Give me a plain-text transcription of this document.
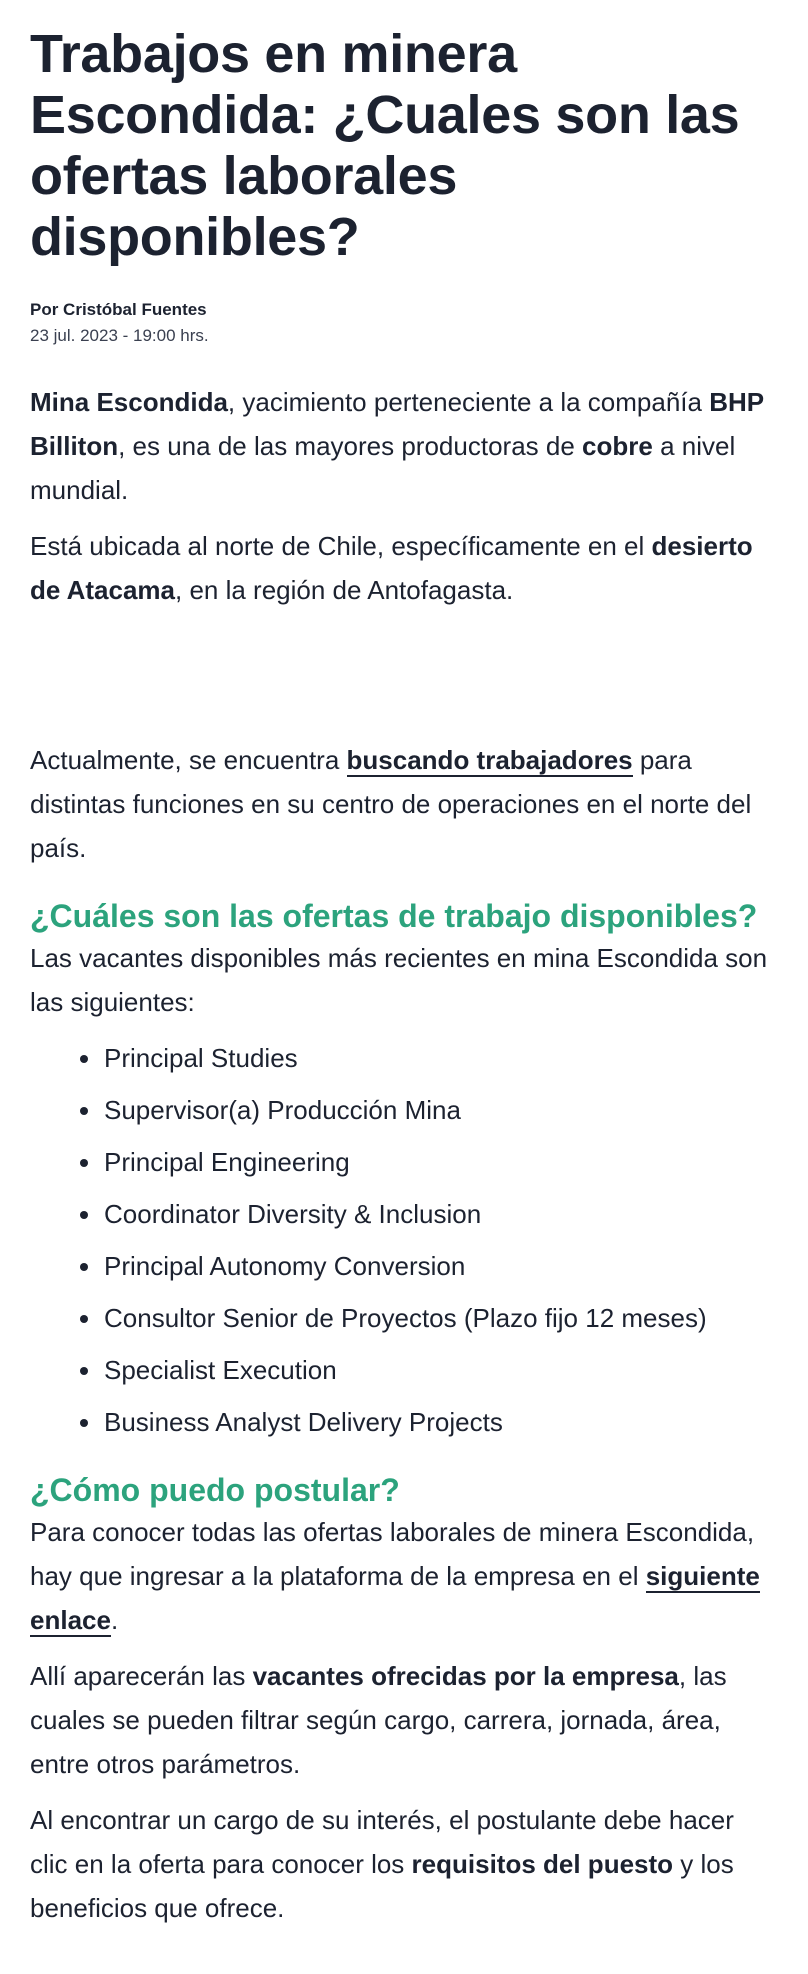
Trabajos en minera Escondida: ¿Cuales son las ofertas laborales disponibles?
Por Cristóbal Fuentes
23 jul. 2023 - 19:00 hrs.

Mina Escondida, yacimiento perteneciente a la compañía BHP Billiton, es una de las mayores productoras de cobre a nivel mundial.

Está ubicada al norte de Chile, específicamente en el desierto de Atacama, en la región de Antofagasta.

Actualmente, se encuentra buscando trabajadores para distintas funciones en su centro de operaciones en el norte del país.

¿Cuáles son las ofertas de trabajo disponibles?

Las vacantes disponibles más recientes en mina Escondida son las siguientes:

Principal Studies
Supervisor(a) Producción Mina
Principal Engineering
Coordinator Diversity & Inclusion
Principal Autonomy Conversion
Consultor Senior de Proyectos (Plazo fijo 12 meses)
Specialist Execution
Business Analyst Delivery Projects
¿Cómo puedo postular?

Para conocer todas las ofertas laborales de minera Escondida, hay que ingresar a la plataforma de la empresa en el siguiente enlace.

Allí aparecerán las vacantes ofrecidas por la empresa, las cuales se pueden filtrar según cargo, carrera, jornada, área, entre otros parámetros.

Al encontrar un cargo de su interés, el postulante debe hacer clic en la oferta para conocer los requisitos del puesto y los beneficios que ofrece.
